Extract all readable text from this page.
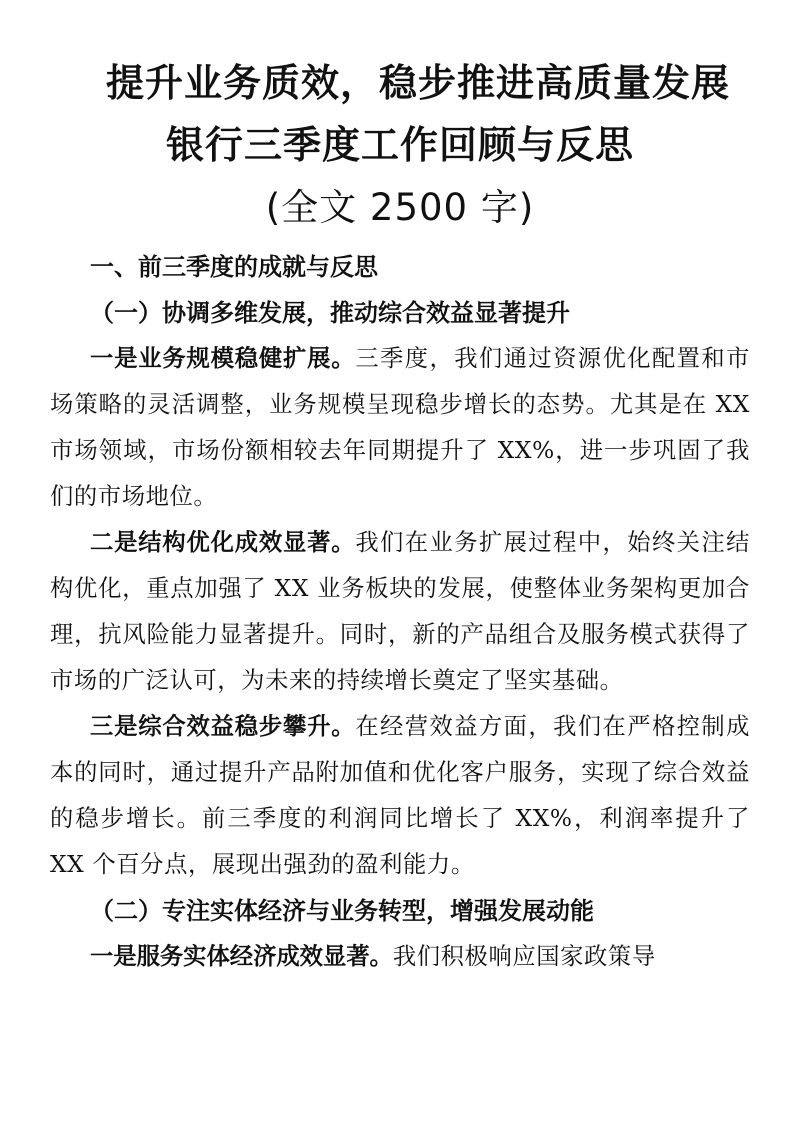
提升业务质效，稳步推进高质量发展
银行三季度工作回顾与反思
(全文 2500 字)
一、前三季度的成就与反思
（一）协调多维发展，推动综合效益显著提升

一是业务规模稳健扩展。三季度，我们通过资源优化配置和市场策略的灵活调整，业务规模呈现稳步增长的态势。尤其是在 XX 市场领域，市场份额相较去年同期提升了 XX%，进一步巩固了我们的市场地位。

二是结构优化成效显著。我们在业务扩展过程中，始终关注结构优化，重点加强了 XX 业务板块的发展，使整体业务架构更加合理，抗风险能力显著提升。同时，新的产品组合及服务模式获得了市场的广泛认可，为未来的持续增长奠定了坚实基础。

三是综合效益稳步攀升。在经营效益方面，我们在严格控制成本的同时，通过提升产品附加值和优化客户服务，实现了综合效益的稳步增长。前三季度的利润同比增长了 XX%，利润率提升了 XX 个百分点，展现出强劲的盈利能力。

（二）专注实体经济与业务转型，增强发展动能

一是服务实体经济成效显著。我们积极响应国家政策导
